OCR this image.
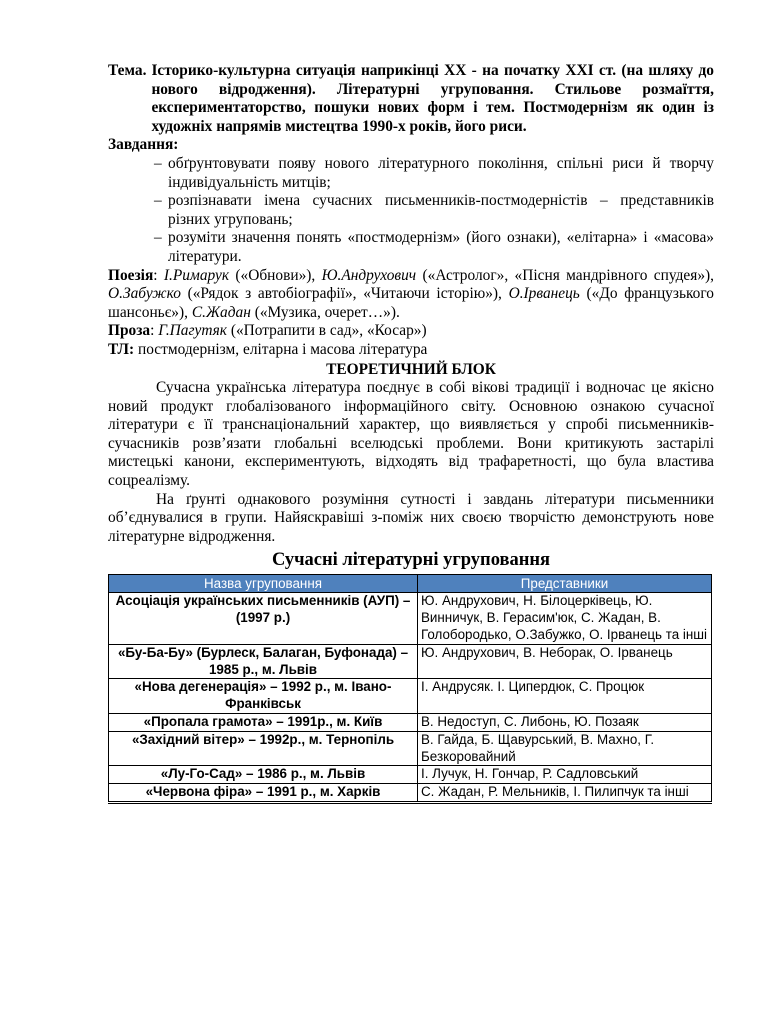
Тема. Історико-культурна ситуація наприкінці XX - на початку XXI ст. (на шляху до нового відродження). Літературні угруповання. Стильове розмаїття, експериментаторство, пошуки нових форм і тем. Постмодернізм як один із художніх напрямів мистецтва 1990-х років, його риси.
Завдання:
– обґрунтовувати появу нового літературного покоління, спільні риси й творчу індивідуальність митців;
– розпізнавати імена сучасних письменників-постмодерністів – представників різних угруповань;
– розуміти значення понять «постмодернізм» (його ознаки), «елітарна» і «масова» літератури.

Поезія: І.Римарук («Обнови»), Ю.Андрухович («Астролог», «Пісня мандрівного спудея»), О.Забужко («Рядок з автобіографії», «Читаючи історію»), О.Ірванець («До французького шансоньє»), С.Жадан («Музика, очерет…»).

Проза: Г.Пагутяк («Потрапити в сад», «Косар»)

ТЛ: постмодернізм, елітарна і масова література

ТЕОРЕТИЧНИЙ БЛОК

Сучасна українська література поєднує в собі вікові традиції і водночас це якісно новий продукт глобалізованого інформаційного світу. Основною ознакою сучасної літератури є її транснаціональний характер, що виявляється у спробі письменників-сучасників розв’язати глобальні вселюдські проблеми. Вони критикують застарілі мистецькі канони, експериментують, відходять від трафаретності, що була властива соцреалізму.

На ґрунті однакового розуміння сутності і завдань літератури письменники об’єднувалися в групи. Найяскравіші з-поміж них своєю творчістю демонструють нове літературне відродження.

Сучасні літературні угруповання
Назва угруповання	Представники
Асоціація українських письменників (АУП) – (1997 р.)	Ю. Андрухович, Н. Білоцерківець, Ю. Винничук, В. Герасим'юк, С. Жадан, В. Голобородько, О.Забужко, О. Ірванець та інші
«Бу-Ба-Бу» (Бурлеск, Балаган, Буфонада) – 1985 р., м. Львів	Ю. Андрухович, В. Неборак, О. Ірванець
«Нова дегенерація» – 1992 р., м. Івано-Франківськ	І. Андрусяк. І. Ципердюк, С. Процюк
«Пропала грамота» – 1991р., м. Київ	В. Недоступ, С. Либонь, Ю. Позаяк
«Західний вітер» – 1992р., м. Тернопіль	В. Гайда, Б. Щавурський, В. Махно, Г. Безкоровайний
«Лу-Го-Сад» – 1986 р., м. Львів	І. Лучук, Н. Гончар, Р. Садловський
«Червона фіра» – 1991 р., м. Харків	С. Жадан, Р. Мельників, І. Пилипчук та інші
